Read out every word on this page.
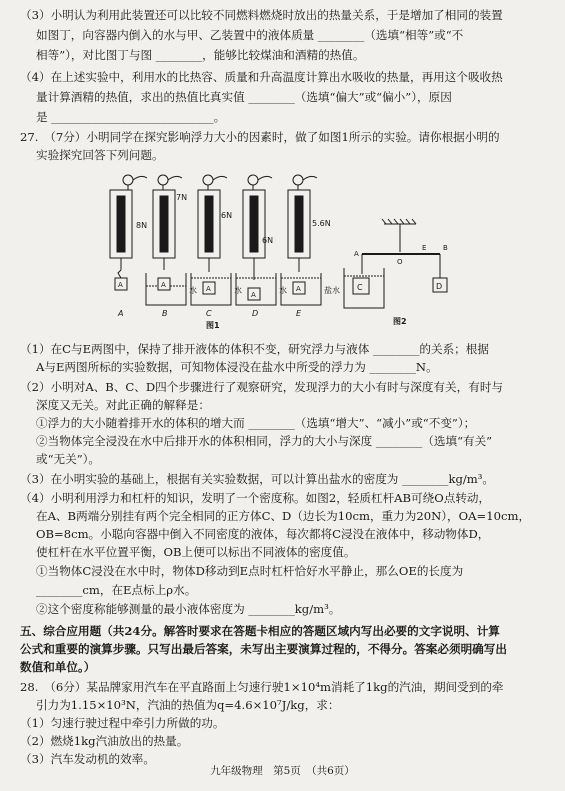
（3）小明认为利用此装置还可以比较不同燃料燃烧时放出的热量关系，于是增加了相同的装置
如图丁，向容器内倒入的水与甲、乙装置中的液体质量 ________（选填“相等”或“不
相等”），对比图丁与图 ________，能够比较煤油和酒精的热值。
（4）在上述实验中，利用水的比热容、质量和升高温度计算出水吸收的热量，再用这个吸收热
量计算酒精的热值，求出的热值比真实值 ________（选填“偏大”或“偏小”），原因
是 ____________________________。
27.　（7分）小明同学在探究影响浮力大小的因素时，做了如图1所示的实验。请你根据小明的
实验探究回答下列问题。
8N
A
A
7N
A
水
B
6N
A	水
C
6N
A	水
D
5.6N
A	盐水
E
图1
A
O
E B
C	D
图2
（1）在C与E两图中，保持了排开液体的体积不变，研究浮力与液体 ________的关系；根据
A与E两图所标的实验数据，可知物体浸没在盐水中所受的浮力为 ________N。
（2）小明对A、B、C、D四个步骤进行了观察研究，发现浮力的大小有时与深度有关，有时与
深度又无关。对此正确的解释是：
①浮力的大小随着排开水的体积的增大而 ________（选填“增大”、“减小”或“不变”）；
②当物体完全浸没在水中后排开水的体积相同，浮力的大小与深度 ________（选填“有关”
或“无关”）。
（3）在小明实验的基础上，根据有关实验数据，可以计算出盐水的密度为 ________kg/m³。
（4）小明利用浮力和杠杆的知识，发明了一个密度称。如图2，轻质杠杆AB可绕O点转动，
在A、B两端分别挂有两个完全相同的正方体C、D（边长为10cm，重力为20N），OA=10cm，
OB=8cm。小聪向容器中倒入不同密度的液体，每次都将C浸没在液体中，移动物体D，
使杠杆在水平位置平衡，OB上便可以标出不同液体的密度值。
①当物体C浸没在水中时，物体D移动到E点时杠杆恰好水平静止，那么OE的长度为
________cm，在E点标上ρ水。
②这个密度称能够测量的最小液体密度为 ________kg/m³。
五、综合应用题（共24分。解答时要求在答题卡相应的答题区域内写出必要的文字说明、计算
公式和重要的演算步骤。只写出最后答案，未写出主要演算过程的，不得分。答案必须明确写出
数值和单位。）
28.　（6分）某品牌家用汽车在平直路面上匀速行驶1×10⁴m消耗了1kg的汽油，期间受到的牵
引力为1.15×10³N，汽油的热值为q=4.6×10⁷J/kg，求：
（1）匀速行驶过程中牵引力所做的功。
（2）燃烧1kg汽油放出的热量。
（3）汽车发动机的效率。
九年级物理　第5页　（共6页）
